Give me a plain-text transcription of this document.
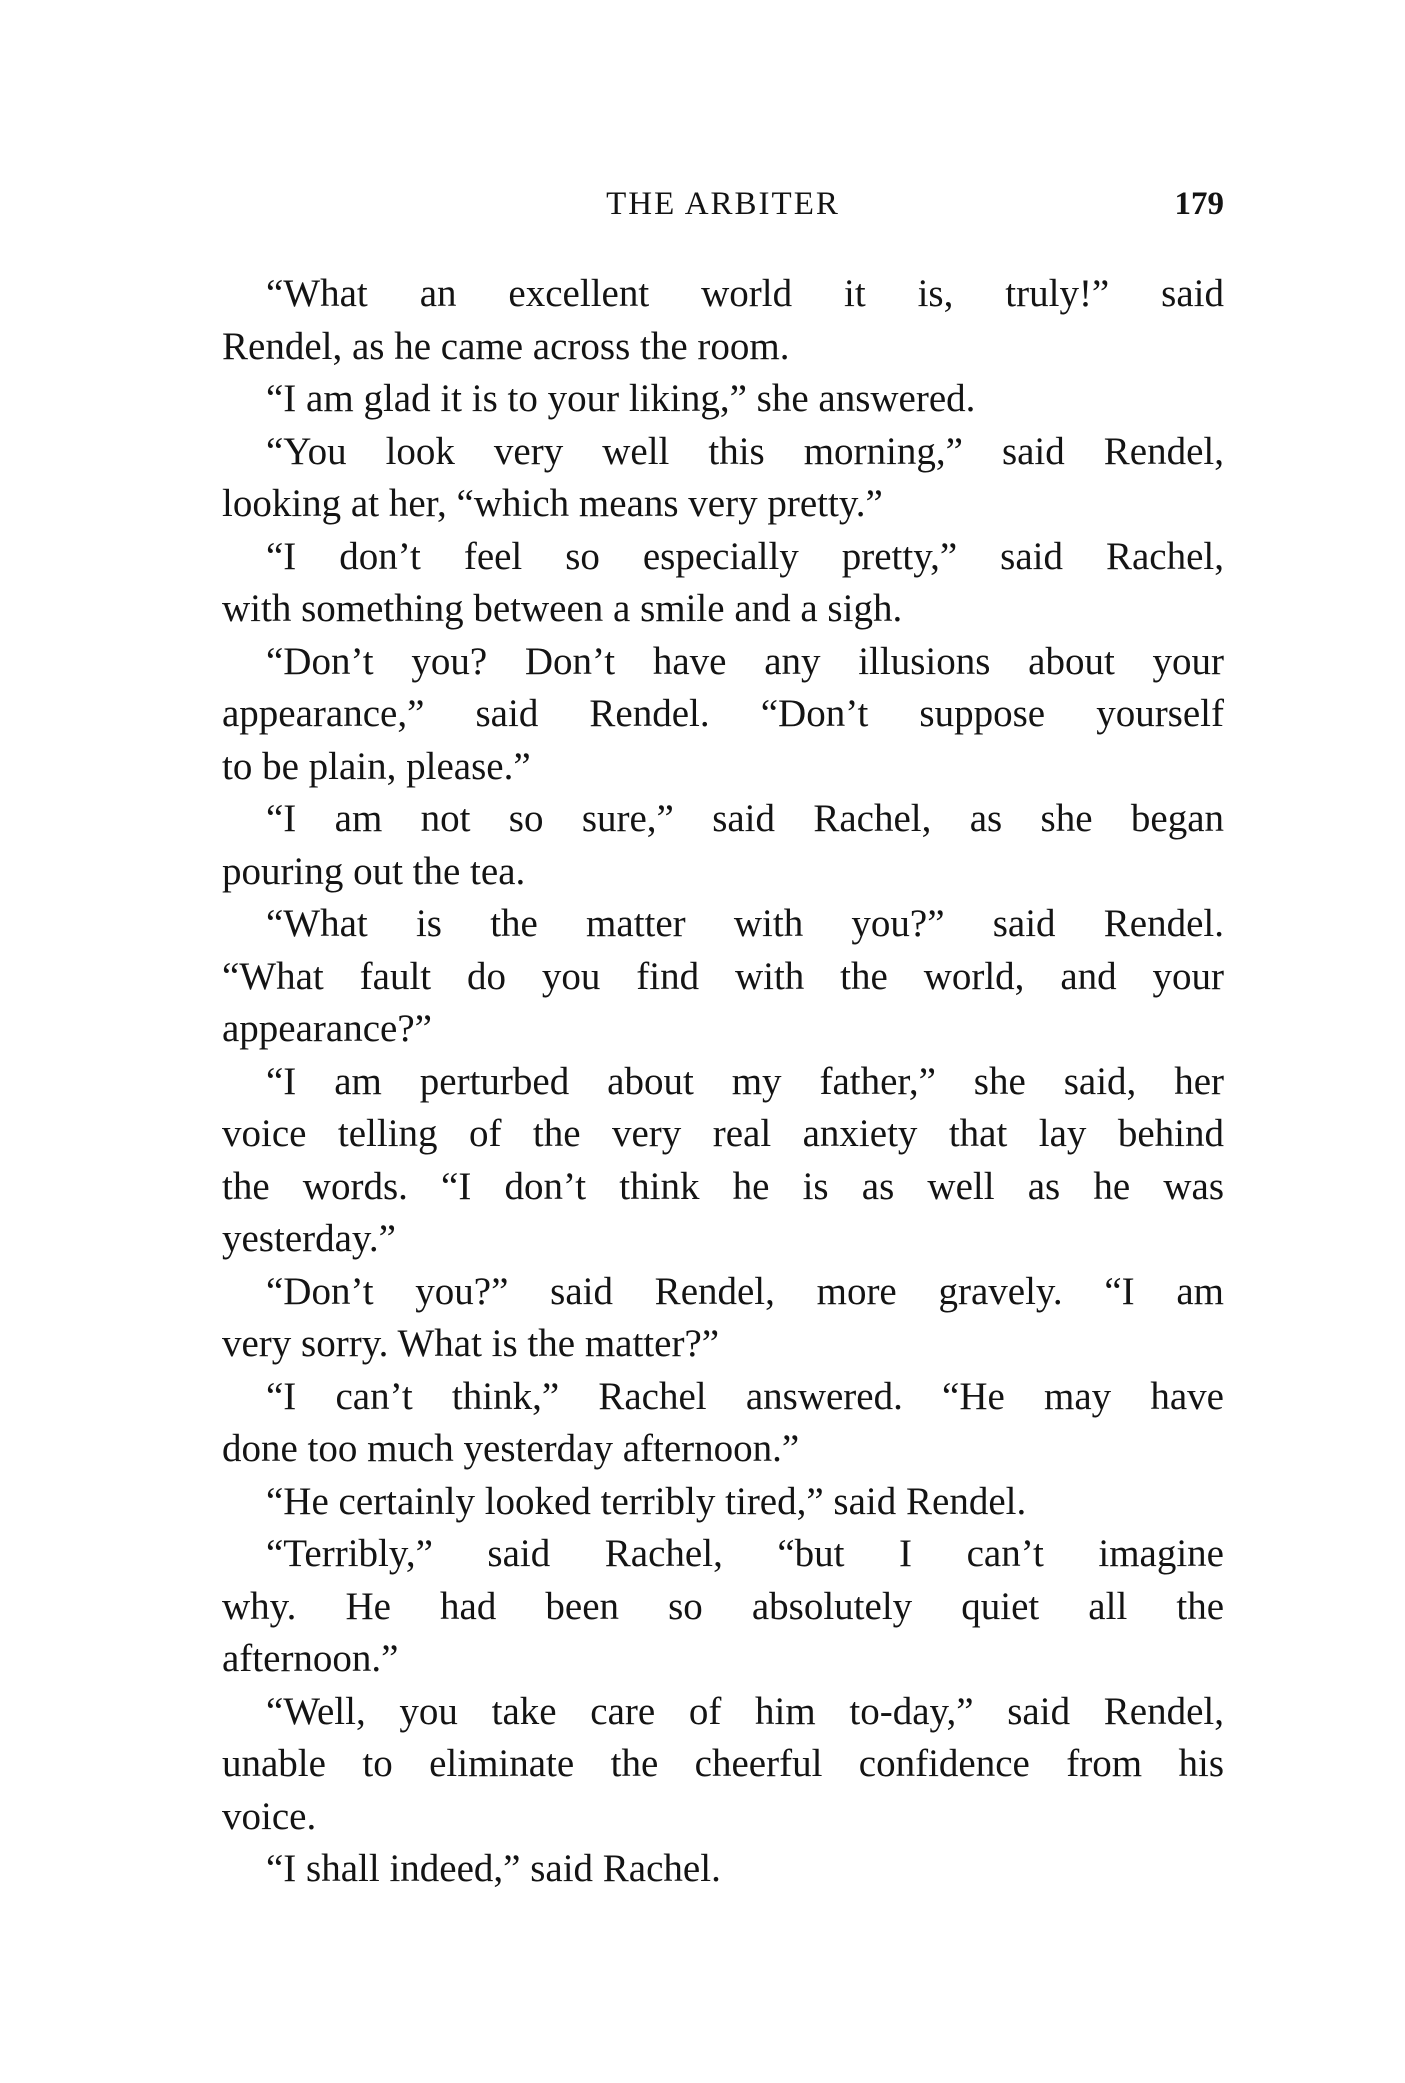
THE ARBITER	179
“What an excellent world it is, truly!” said
Rendel, as he came across the room.
“I am glad it is to your liking,” she answered.
“You look very well this morning,” said Rendel,
looking at her, “which means very pretty.”
“I don’t feel so especially pretty,” said Rachel,
with something between a smile and a sigh.
“Don’t you? Don’t have any illusions about your
appearance,” said Rendel. “Don’t suppose yourself
to be plain, please.”
“I am not so sure,” said Rachel, as she began
pouring out the tea.
“What is the matter with you?” said Rendel.
“What fault do you find with the world, and your
appearance?”
“I am perturbed about my father,” she said, her
voice telling of the very real anxiety that lay behind
the words. “I don’t think he is as well as he was
yesterday.”
“Don’t you?” said Rendel, more gravely. “I am
very sorry. What is the matter?”
“I can’t think,” Rachel answered. “He may have
done too much yesterday afternoon.”
“He certainly looked terribly tired,” said Rendel.
“Terribly,” said Rachel, “but I can’t imagine
why. He had been so absolutely quiet all the
afternoon.”
“Well, you take care of him to-day,” said Rendel,
unable to eliminate the cheerful confidence from his
voice.
“I shall indeed,” said Rachel.
